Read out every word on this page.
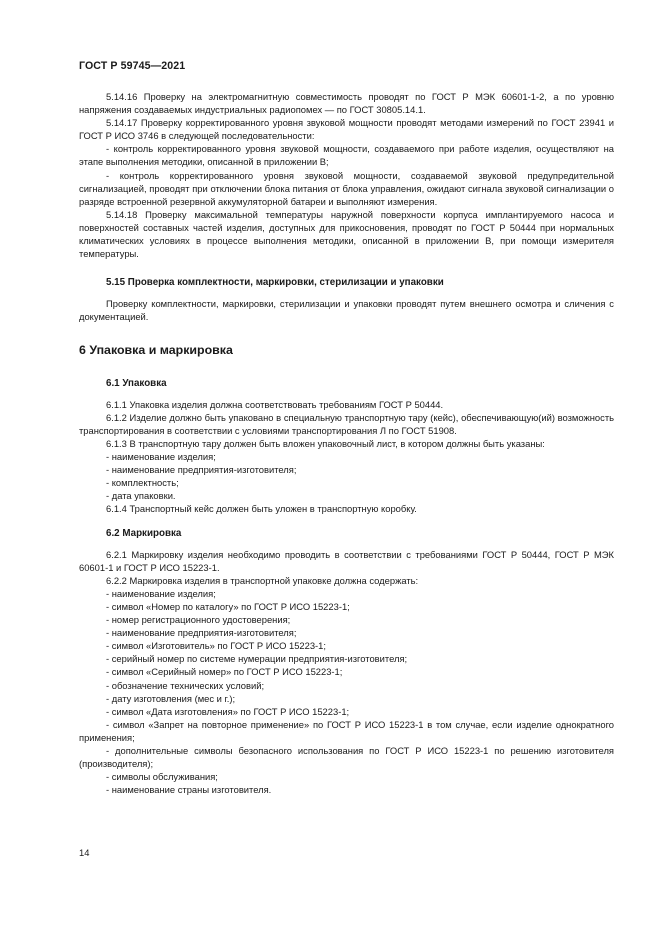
ГОСТ Р 59745—2021
5.14.16 Проверку на электромагнитную совместимость проводят по ГОСТ Р МЭК 60601-1-2, а по уровню напряжения создаваемых индустриальных радиопомех — по ГОСТ 30805.14.1.
5.14.17 Проверку корректированного уровня звуковой мощности проводят методами измерений по ГОСТ 23941 и ГОСТ Р ИСО 3746 в следующей последовательности:
- контроль корректированного уровня звуковой мощности, создаваемого при работе изделия, осуществляют на этапе выполнения методики, описанной в приложении В;
- контроль корректированного уровня звуковой мощности, создаваемой звуковой предупредительной сигнализацией, проводят при отключении блока питания от блока управления, ожидают сигнала звуковой сигнализации о разряде встроенной резервной аккумуляторной батареи и выполняют измерения.
5.14.18 Проверку максимальной температуры наружной поверхности корпуса имплантируемого насоса и поверхностей составных частей изделия, доступных для прикосновения, проводят по ГОСТ Р 50444 при нормальных климатических условиях в процессе выполнения методики, описанной в приложении В, при помощи измерителя температуры.
5.15 Проверка комплектности, маркировки, стерилизации и упаковки
Проверку комплектности, маркировки, стерилизации и упаковки проводят путем внешнего осмотра и сличения с документацией.
6 Упаковка и маркировка
6.1 Упаковка
6.1.1 Упаковка изделия должна соответствовать требованиям ГОСТ Р 50444.
6.1.2 Изделие должно быть упаковано в специальную транспортную тару (кейс), обеспечивающую(ий) возможность транспортирования в соответствии с условиями транспортирования Л по ГОСТ 51908.
6.1.3 В транспортную тару должен быть вложен упаковочный лист, в котором должны быть указаны:
- наименование изделия;
- наименование предприятия-изготовителя;
- комплектность;
- дата упаковки.
6.1.4 Транспортный кейс должен быть уложен в транспортную коробку.
6.2 Маркировка
6.2.1 Маркировку изделия необходимо проводить в соответствии с требованиями ГОСТ Р 50444, ГОСТ Р МЭК 60601-1 и ГОСТ Р ИСО 15223-1.
6.2.2 Маркировка изделия в транспортной упаковке должна содержать:
- наименование изделия;
- символ «Номер по каталогу» по ГОСТ Р ИСО 15223-1;
- номер регистрационного удостоверения;
- наименование предприятия-изготовителя;
- символ «Изготовитель» по ГОСТ Р ИСО 15223-1;
- серийный номер по системе нумерации предприятия-изготовителя;
- символ «Серийный номер» по ГОСТ Р ИСО 15223-1;
- обозначение технических условий;
- дату изготовления (мес и г.);
- символ «Дата изготовления» по ГОСТ Р ИСО 15223-1;
- символ «Запрет на повторное применение» по ГОСТ Р ИСО 15223-1 в том случае, если изделие однократного применения;
- дополнительные символы безопасного использования по ГОСТ Р ИСО 15223-1 по решению изготовителя (производителя);
- символы обслуживания;
- наименование страны изготовителя.
14
